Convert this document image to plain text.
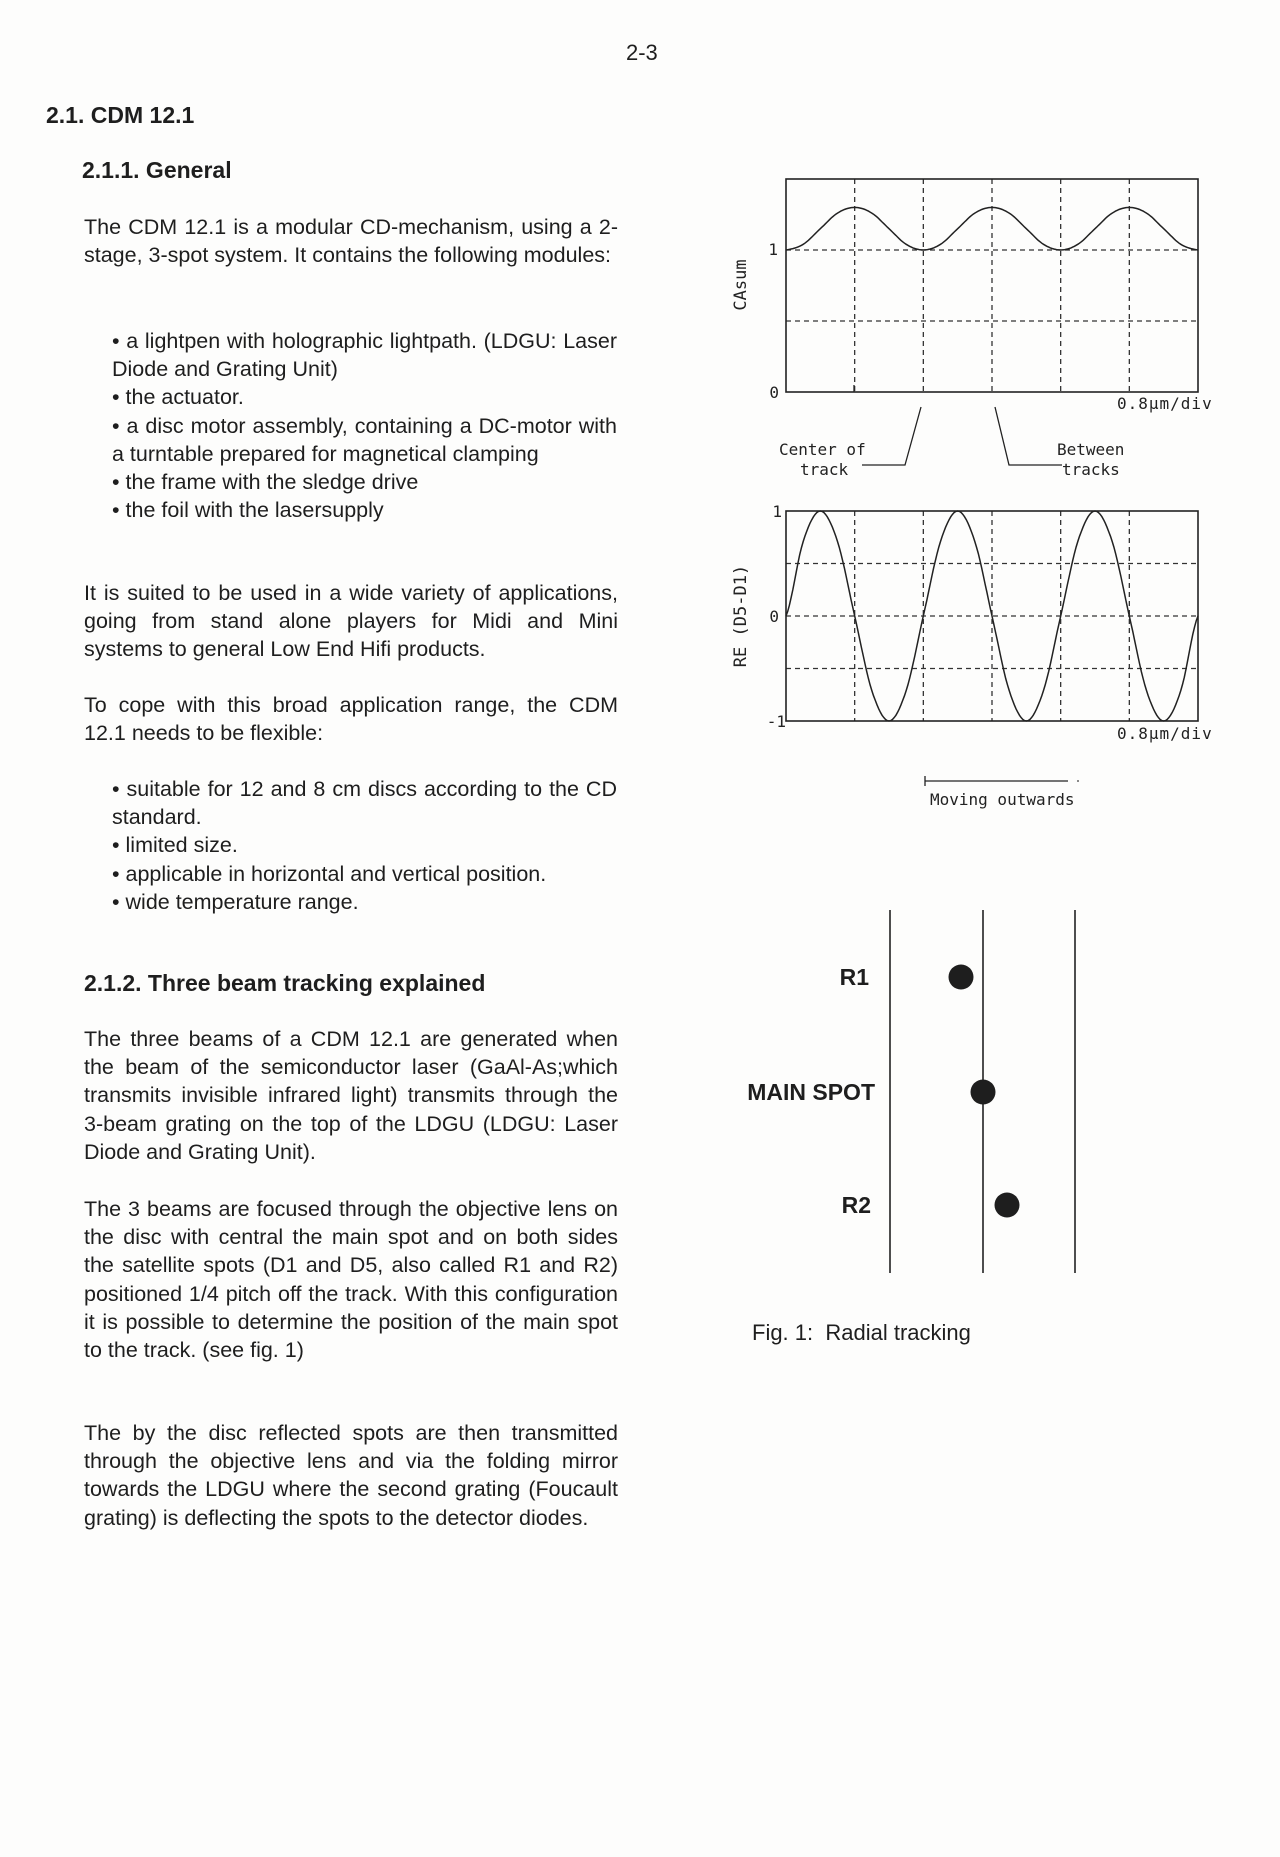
2-3
2.1. CDM 12.1
2.1.1. General
The CDM 12.1 is a modular CD-mechanism, using a 2-stage, 3-spot system. It contains the following modules:
• a lightpen with holographic lightpath. (LDGU: Laser Diode and Grating Unit)
• the actuator.
• a disc motor assembly, containing a DC-motor with a turntable prepared for magnetical clamping
• the frame with the sledge drive
• the foil with the lasersupply
It is suited to be used in a wide variety of applications, going from stand alone players for Midi and Mini systems to general Low End Hifi products.
To cope with this broad application range, the CDM 12.1 needs to be flexible:
• suitable for 12 and 8 cm discs according to the CD standard.
• limited size.
• applicable in horizontal and vertical position.
• wide temperature range.
2.1.2. Three beam tracking explained
The three beams of a CDM 12.1 are generated when the beam of the semiconductor laser (GaAl-As;which transmits invisible infrared light) transmits through the 3-beam grating on the top of the LDGU (LDGU: Laser Diode and Grating Unit).
The 3 beams are focused through the objective lens on the disc with central the main spot and on both sides the satellite spots (D1 and D5, also called R1 and R2) positioned 1/4 pitch off the track. With this configuration it is possible to determine the position of the main spot to the track. (see fig. 1)
The by the disc reflected spots are then transmitted through the objective lens and via the folding mirror towards the LDGU where the second grating (Foucault grating) is deflecting the spots to the detector diodes.
CAsum
1
0
0.8µm/div
Center of
track
Between
tracks
RE (D5-D1)
1
0
-1
0.8µm/div
Moving outwards
R1
MAIN SPOT
R2
Fig. 1:  Radial tracking
